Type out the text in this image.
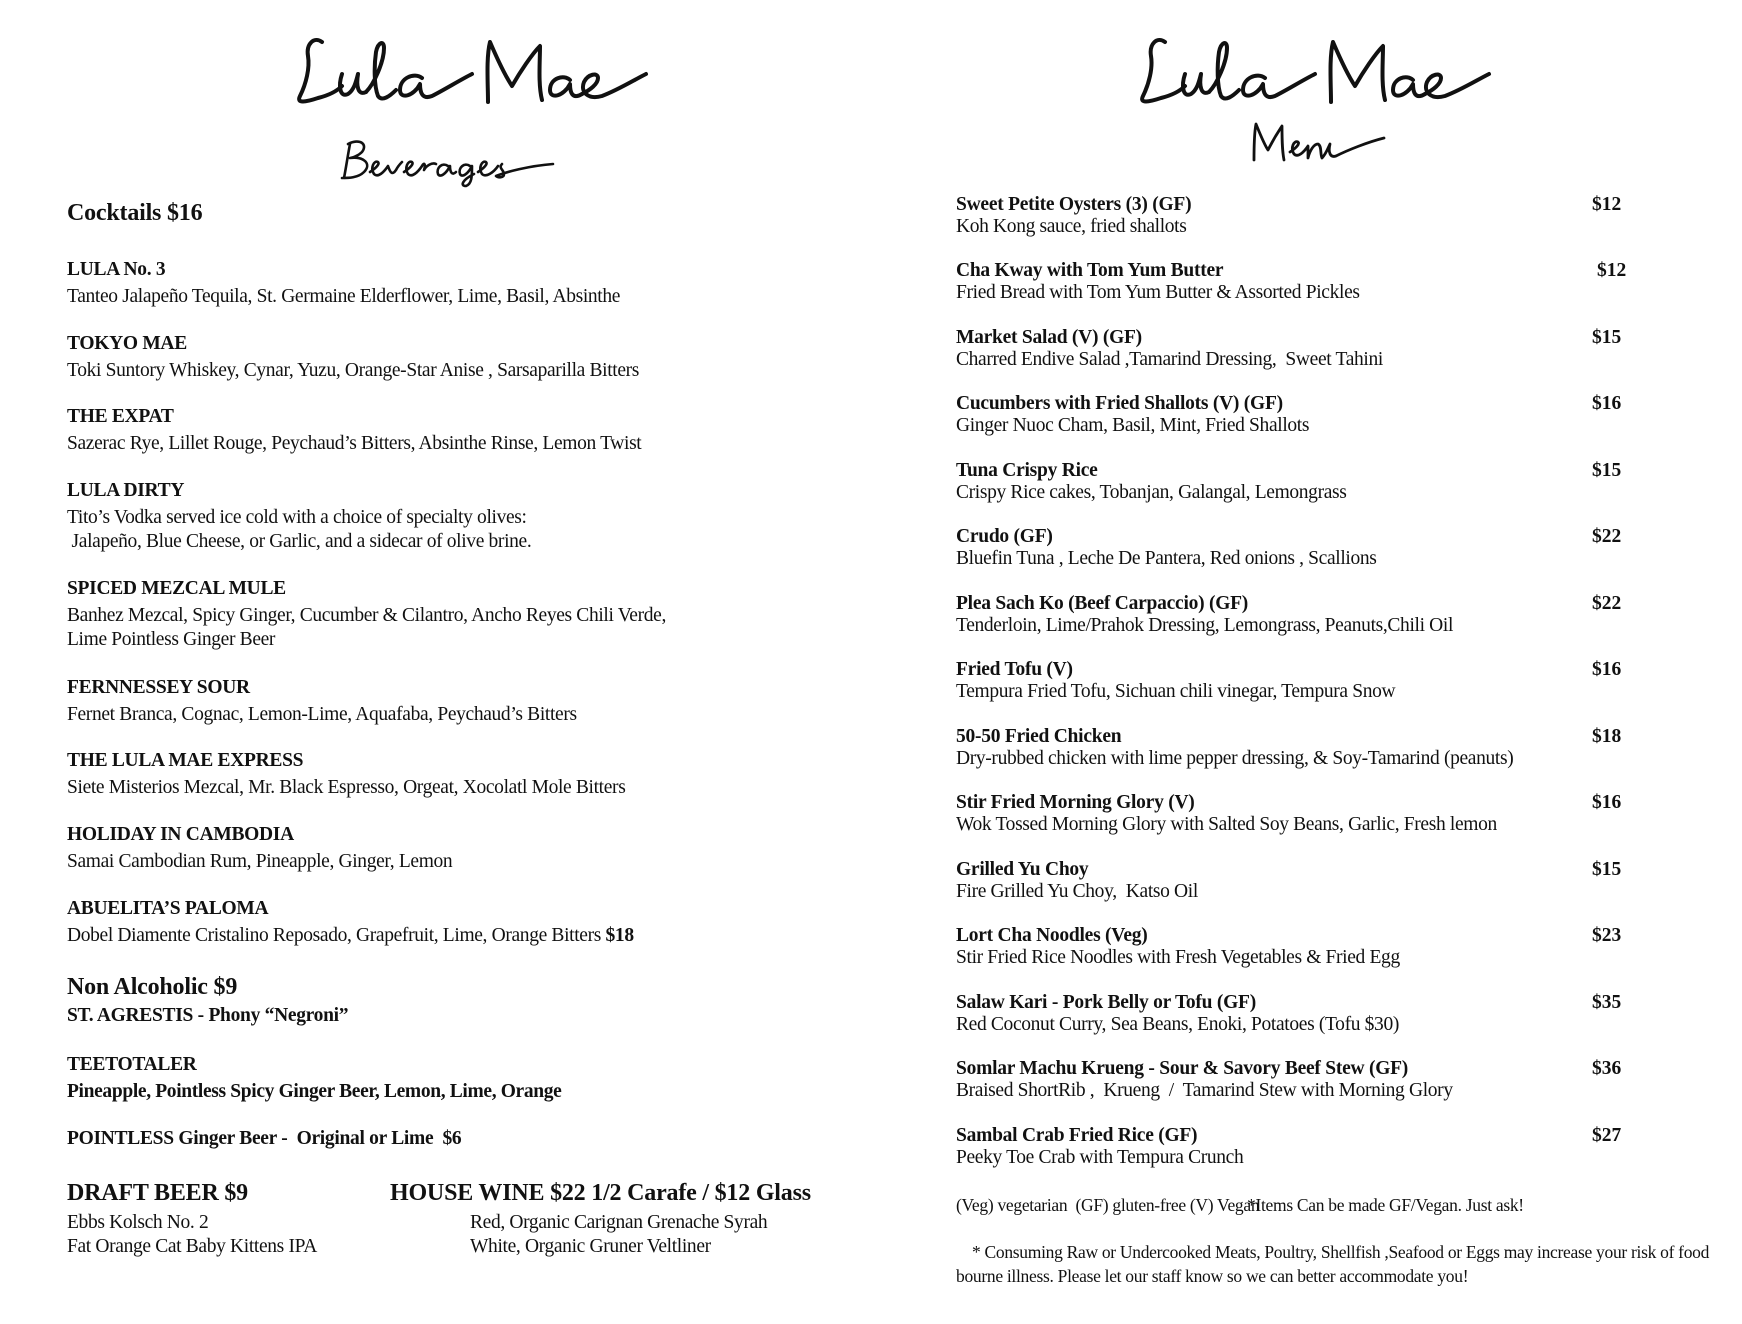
Cocktails $16
LULA No. 3
Tanteo Jalapeño Tequila, St. Germaine Elderflower, Lime, Basil, Absinthe
TOKYO MAE
Toki Suntory Whiskey, Cynar, Yuzu, Orange-Star Anise , Sarsaparilla Bitters
THE EXPAT
Sazerac Rye, Lillet Rouge, Peychaud’s Bitters, Absinthe Rinse, Lemon Twist
LULA DIRTY
Tito’s Vodka served ice cold with a choice of specialty olives:
Jalapeño, Blue Cheese, or Garlic, and a sidecar of olive brine.
SPICED MEZCAL MULE
Banhez Mezcal, Spicy Ginger, Cucumber & Cilantro, Ancho Reyes Chili Verde,
Lime Pointless Ginger Beer
FERNNESSEY SOUR
Fernet Branca, Cognac, Lemon-Lime, Aquafaba, Peychaud’s Bitters
THE LULA MAE EXPRESS
Siete Misterios Mezcal, Mr. Black Espresso, Orgeat, Xocolatl Mole Bitters
HOLIDAY IN CAMBODIA
Samai Cambodian Rum, Pineapple, Ginger, Lemon
ABUELITA’S PALOMA
Dobel Diamente Cristalino Reposado, Grapefruit, Lime, Orange Bitters $18
Non Alcoholic $9
ST. AGRESTIS - Phony “Negroni”
TEETOTALER
Pineapple, Pointless Spicy Ginger Beer, Lemon, Lime, Orange
POINTLESS Ginger Beer -  Original or Lime  $6
DRAFT BEER $9
Ebbs Kolsch No. 2
Fat Orange Cat Baby Kittens IPA
HOUSE WINE $22 1/2 Carafe / $12 Glass
Red, Organic Carignan Grenache Syrah
White, Organic Gruner Veltliner
Sweet Petite Oysters (3) (GF)	$12
Koh Kong sauce, fried shallots
Cha Kway with Tom Yum Butter	$12
Fried Bread with Tom Yum Butter & Assorted Pickles
Market Salad (V) (GF)	$15
Charred Endive Salad ,Tamarind Dressing,  Sweet Tahini
Cucumbers with Fried Shallots (V) (GF)	$16
Ginger Nuoc Cham, Basil, Mint, Fried Shallots
Tuna Crispy Rice	$15
Crispy Rice cakes, Tobanjan, Galangal, Lemongrass
Crudo (GF)	$22
Bluefin Tuna , Leche De Pantera, Red onions , Scallions
Plea Sach Ko (Beef Carpaccio) (GF)	$22
Tenderloin, Lime/Prahok Dressing, Lemongrass, Peanuts,Chili Oil
Fried Tofu (V)	$16
Tempura Fried Tofu, Sichuan chili vinegar, Tempura Snow
50-50 Fried Chicken	$18
Dry-rubbed chicken with lime pepper dressing, & Soy-Tamarind (peanuts)
Stir Fried Morning Glory (V)	$16
Wok Tossed Morning Glory with Salted Soy Beans, Garlic, Fresh lemon
Grilled Yu Choy	$15
Fire Grilled Yu Choy,  Katso Oil
Lort Cha Noodles (Veg)	$23
Stir Fried Rice Noodles with Fresh Vegetables & Fried Egg
Salaw Kari - Pork Belly or Tofu (GF)	$35
Red Coconut Curry, Sea Beans, Enoki, Potatoes (Tofu $30)
Somlar Machu Krueng - Sour & Savory Beef Stew (GF)	$36
Braised ShortRib ,  Krueng  /  Tamarind Stew with Morning Glory
Sambal Crab Fried Rice (GF)	$27
Peeky Toe Crab with Tempura Crunch
(Veg) vegetarian  (GF) gluten-free (V) Vegan
*Items Can be made GF/Vegan. Just ask!
* Consuming Raw or Undercooked Meats, Poultry, Shellfish ,Seafood or Eggs may increase your risk of food bourne illness. Please let our staff know so we can better accommodate you!
